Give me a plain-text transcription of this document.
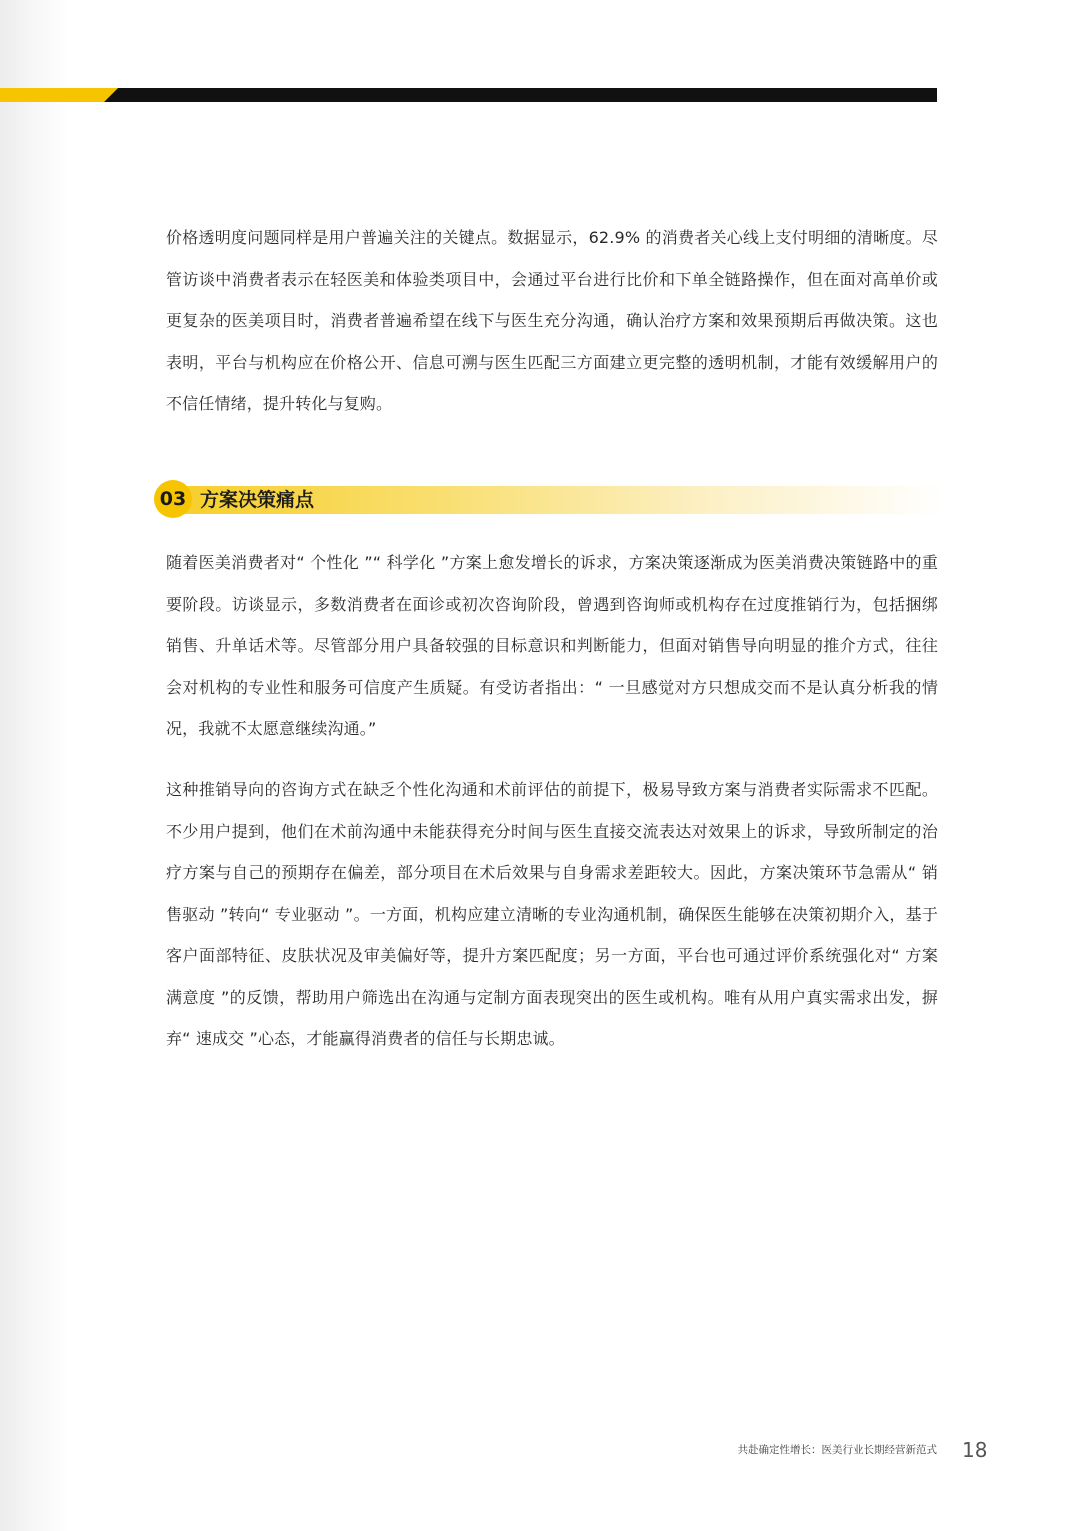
价格透明度问题同样是用户普遍关注的关键点。数据显示，62.9% 的消费者关心线上支付明细的清晰度。尽管访谈中消费者表示在轻医美和体验类项目中，会通过平台进行比价和下单全链路操作，但在面对高单价或更复杂的医美项目时，消费者普遍希望在线下与医生充分沟通，确认治疗方案和效果预期后再做决策。这也表明，平台与机构应在价格公开、信息可溯与医生匹配三方面建立更完整的透明机制，才能有效缓解用户的不信任情绪，提升转化与复购。

03 方案决策痛点

随着医美消费者对“ 个性化 ”“ 科学化 ”方案上愈发增长的诉求，方案决策逐渐成为医美消费决策链路中的重要阶段。访谈显示，多数消费者在面诊或初次咨询阶段，曾遇到咨询师或机构存在过度推销行为，包括捆绑销售、升单话术等。尽管部分用户具备较强的目标意识和判断能力，但面对销售导向明显的推介方式，往往会对机构的专业性和服务可信度产生质疑。有受访者指出：“ 一旦感觉对方只想成交而不是认真分析我的情况，我就不太愿意继续沟通。”

这种推销导向的咨询方式在缺乏个性化沟通和术前评估的前提下，极易导致方案与消费者实际需求不匹配。不少用户提到，他们在术前沟通中未能获得充分时间与医生直接交流表达对效果上的诉求，导致所制定的治疗方案与自己的预期存在偏差，部分项目在术后效果与自身需求差距较大。因此，方案决策环节急需从“ 销售驱动 ”转向“ 专业驱动 ”。一方面，机构应建立清晰的专业沟通机制，确保医生能够在决策初期介入，基于客户面部特征、皮肤状况及审美偏好等，提升方案匹配度；另一方面，平台也可通过评价系统强化对“ 方案满意度 ”的反馈，帮助用户筛选出在沟通与定制方面表现突出的医生或机构。唯有从用户真实需求出发，摒弃“ 速成交 ”心态，才能赢得消费者的信任与长期忠诚。

共赴确定性增长：医美行业长期经营新范式 18
